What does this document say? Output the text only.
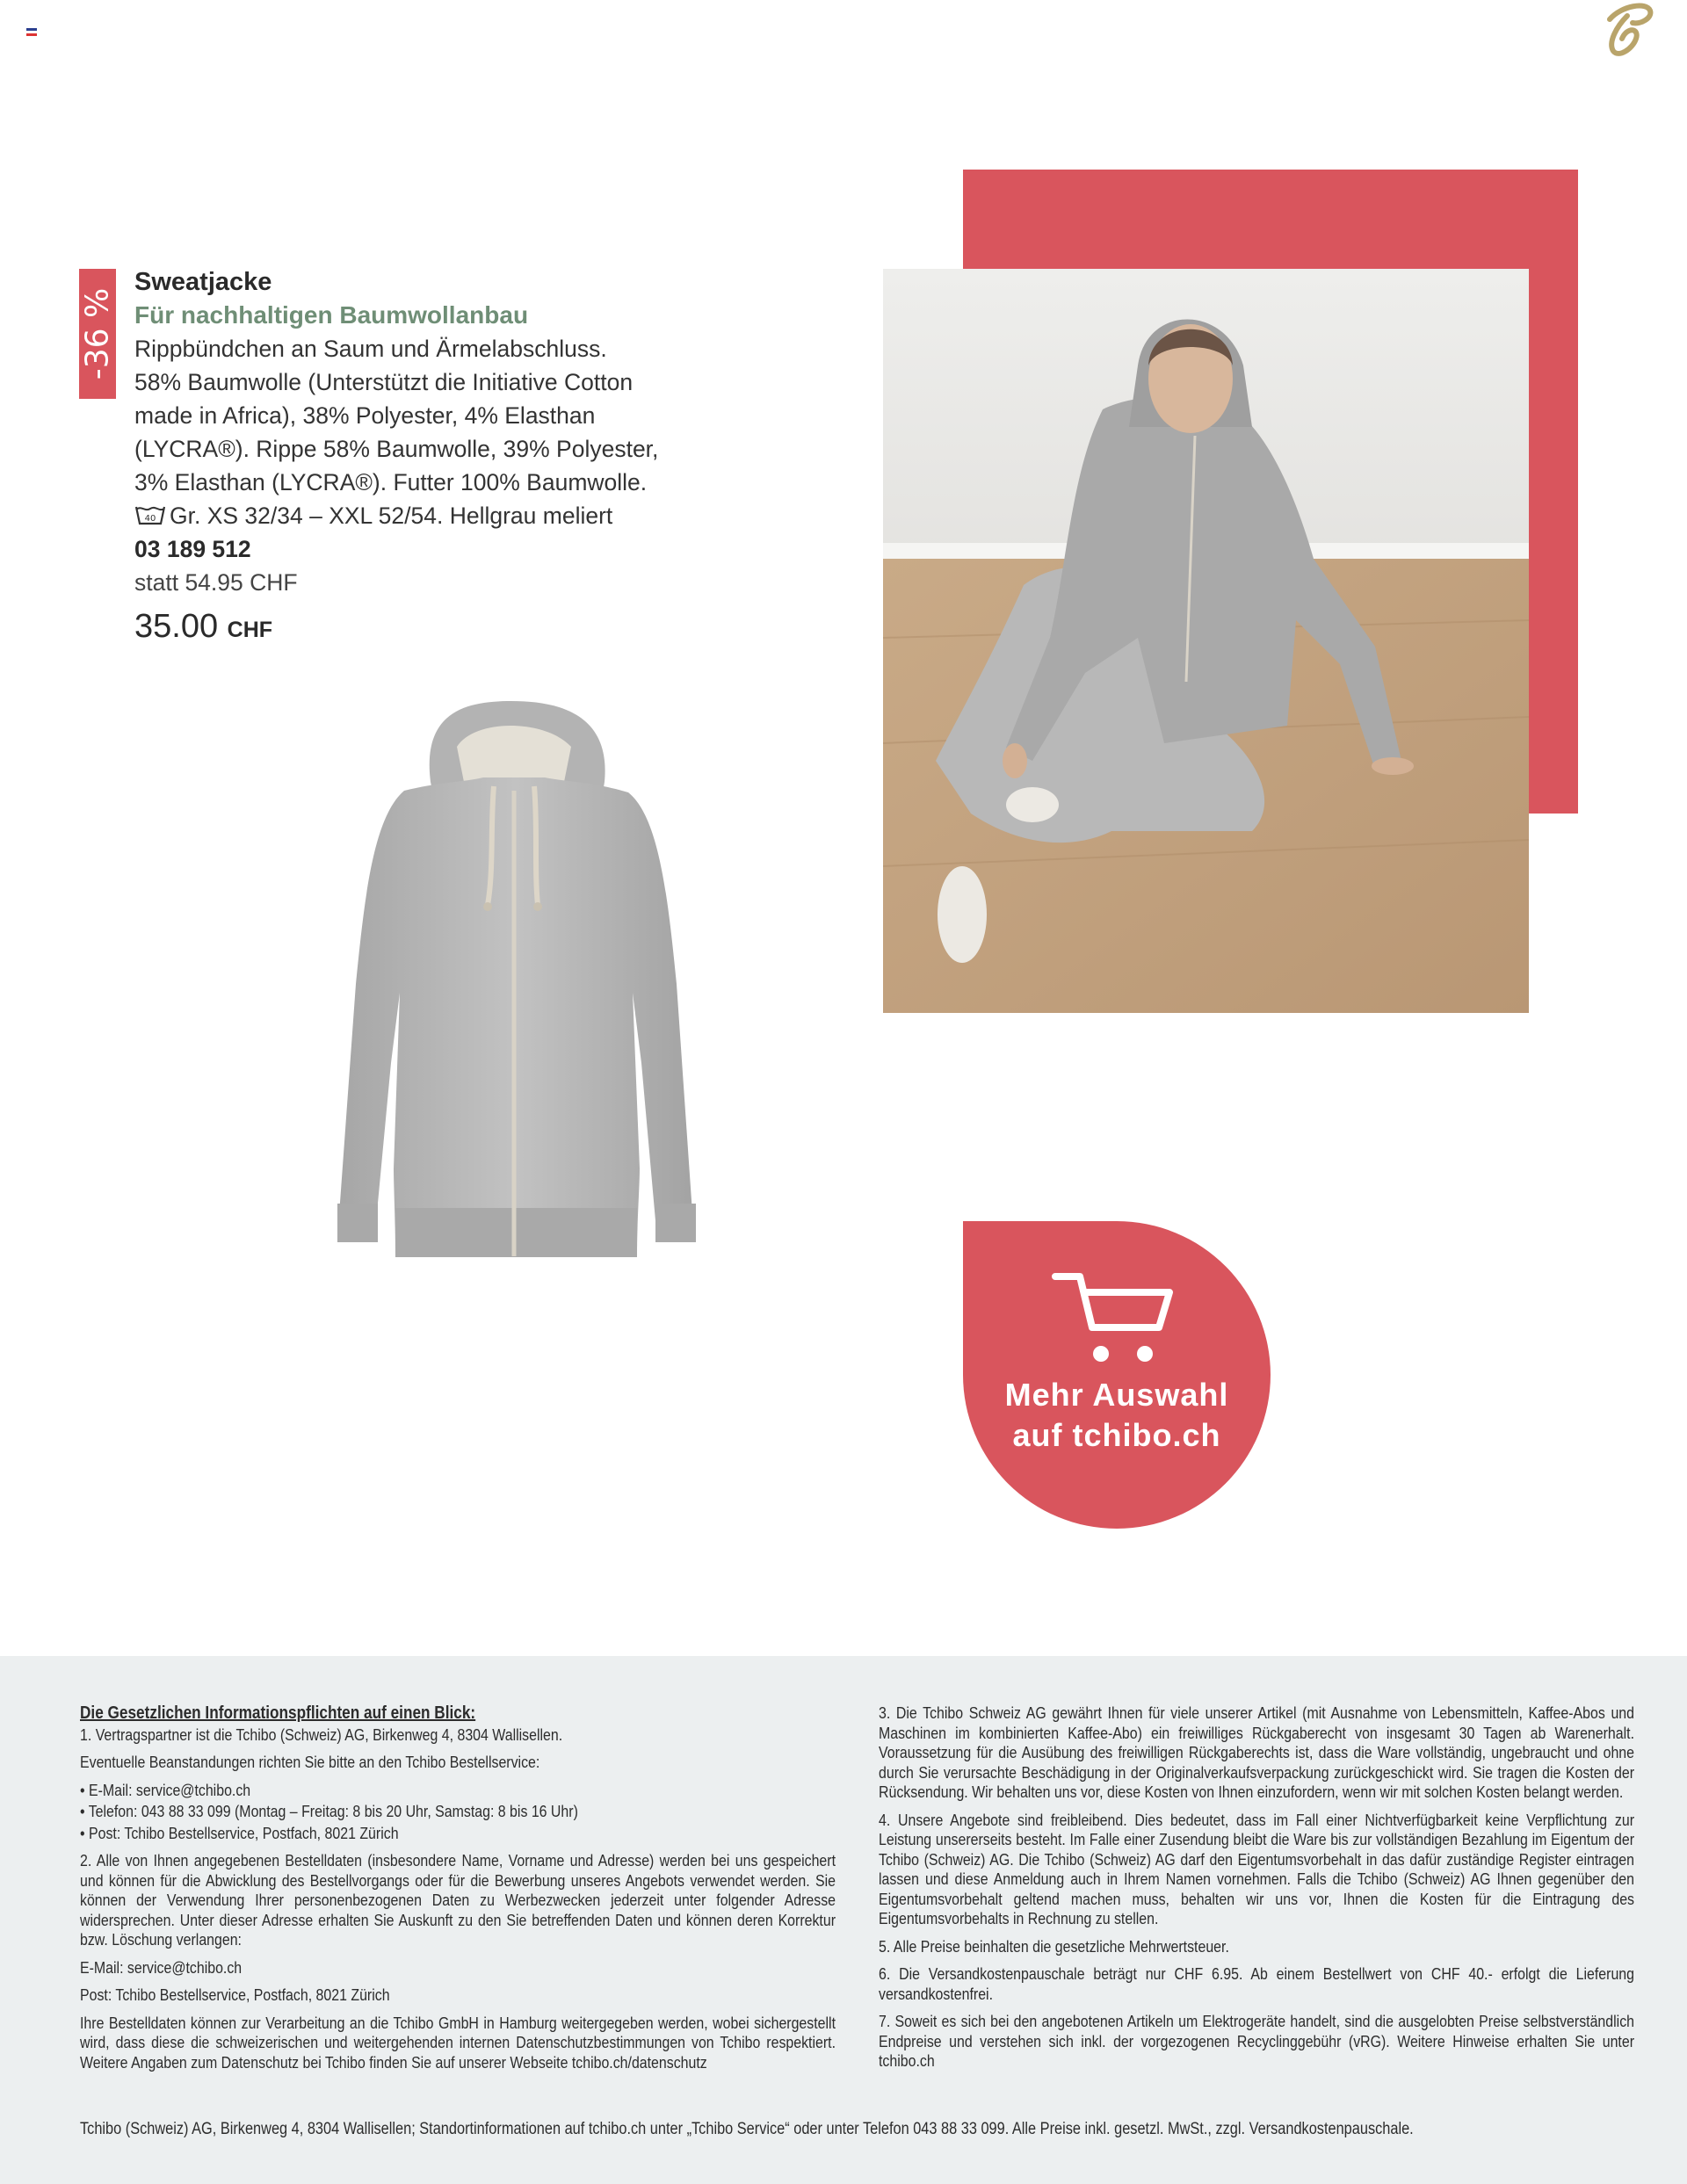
-36 %
Sweatjacke
Für nachhaltigen Baumwollanbau
Rippbündchen an Saum und Ärmelabschluss.
58% Baumwolle (Unterstützt die Initiative Cotton
made in Africa), 38% Polyester, 4% Elasthan
(LYCRA®). Rippe 58% Baumwolle, 39% Polyester,
3% Elasthan (LYCRA®). Futter 100% Baumwolle.
40 Gr. XS 32/34 – XXL 52/54. Hellgrau meliert
03 189 512
statt 54.95 CHF
35.00 CHF
Mehr Auswahl
auf tchibo.ch

Die Gesetzlichen Informationspflichten auf einen Blick:

1. Vertragspartner ist die Tchibo (Schweiz) AG, Birkenweg 4, 8304 Wallisellen.

Eventuelle Beanstandungen richten Sie bitte an den Tchibo Bestellservice:

• E-Mail: service@tchibo.ch

• Telefon: 043 88 33 099 (Montag – Freitag: 8 bis 20 Uhr, Samstag: 8 bis 16 Uhr)

• Post: Tchibo Bestellservice, Postfach, 8021 Zürich

2. Alle von Ihnen angegebenen Bestelldaten (insbesondere Name, Vorname und Adresse) werden bei uns gespeichert und können für die Abwicklung des Bestellvorgangs oder für die Bewerbung unseres Angebots verwendet werden. Sie können der Verwendung Ihrer personenbezogenen Daten zu Werbezwecken jederzeit unter folgender Adresse widersprechen. Unter dieser Adresse erhalten Sie Auskunft zu den Sie betreffenden Daten und können deren Korrektur bzw. Löschung verlangen:

E-Mail: service@tchibo.ch

Post: Tchibo Bestellservice, Postfach, 8021 Zürich

Ihre Bestelldaten können zur Verarbeitung an die Tchibo GmbH in Hamburg weitergegeben werden, wobei sichergestellt wird, dass diese die schweizerischen und weitergehenden internen Datenschutzbestimmungen von Tchibo respektiert. Weitere Angaben zum Datenschutz bei Tchibo finden Sie auf unserer Webseite tchibo.ch/datenschutz

3. Die Tchibo Schweiz AG gewährt Ihnen für viele unserer Artikel (mit Ausnahme von Lebensmitteln, Kaffee-Abos und Maschinen im kombinierten Kaffee-Abo) ein freiwilliges Rückgaberecht von insgesamt 30 Tagen ab Warenerhalt. Voraussetzung für die Ausübung des freiwilligen Rückgaberechts ist, dass die Ware vollständig, ungebraucht und ohne durch Sie verursachte Beschädigung in der Originalverkaufsverpackung zurückgeschickt wird. Sie tragen die Kosten der Rücksendung. Wir behalten uns vor, diese Kosten von Ihnen einzufordern, wenn wir mit solchen Kosten belangt werden.

4. Unsere Angebote sind freibleibend. Dies bedeutet, dass im Fall einer Nichtverfügbarkeit keine Verpflichtung zur Leistung unsererseits besteht. Im Falle einer Zusendung bleibt die Ware bis zur vollständigen Bezahlung im Eigentum der Tchibo (Schweiz) AG. Die Tchibo (Schweiz) AG darf den Eigentumsvorbehalt in das dafür zuständige Register eintragen lassen und diese Anmeldung auch in Ihrem Namen vornehmen. Falls die Tchibo (Schweiz) AG Ihnen gegenüber den Eigentumsvorbehalt geltend machen muss, behalten wir uns vor, Ihnen die Kosten für die Eintragung des Eigentumsvorbehalts in Rechnung zu stellen.

5. Alle Preise beinhalten die gesetzliche Mehrwertsteuer.

6. Die Versandkostenpauschale beträgt nur CHF 6.95. Ab einem Bestellwert von CHF 40.- erfolgt die Lieferung versandkostenfrei.

7. Soweit es sich bei den angebotenen Artikeln um Elektrogeräte handelt, sind die ausgelobten Preise selbstverständlich Endpreise und verstehen sich inkl. der vorgezogenen Recyclinggebühr (vRG). Weitere Hinweise erhalten Sie unter tchibo.ch

Tchibo (Schweiz) AG, Birkenweg 4, 8304 Wallisellen; Standortinformationen auf tchibo.ch unter „Tchibo Service“ oder unter Telefon 043 88 33 099. Alle Preise inkl. gesetzl. MwSt., zzgl. Versandkostenpauschale.
